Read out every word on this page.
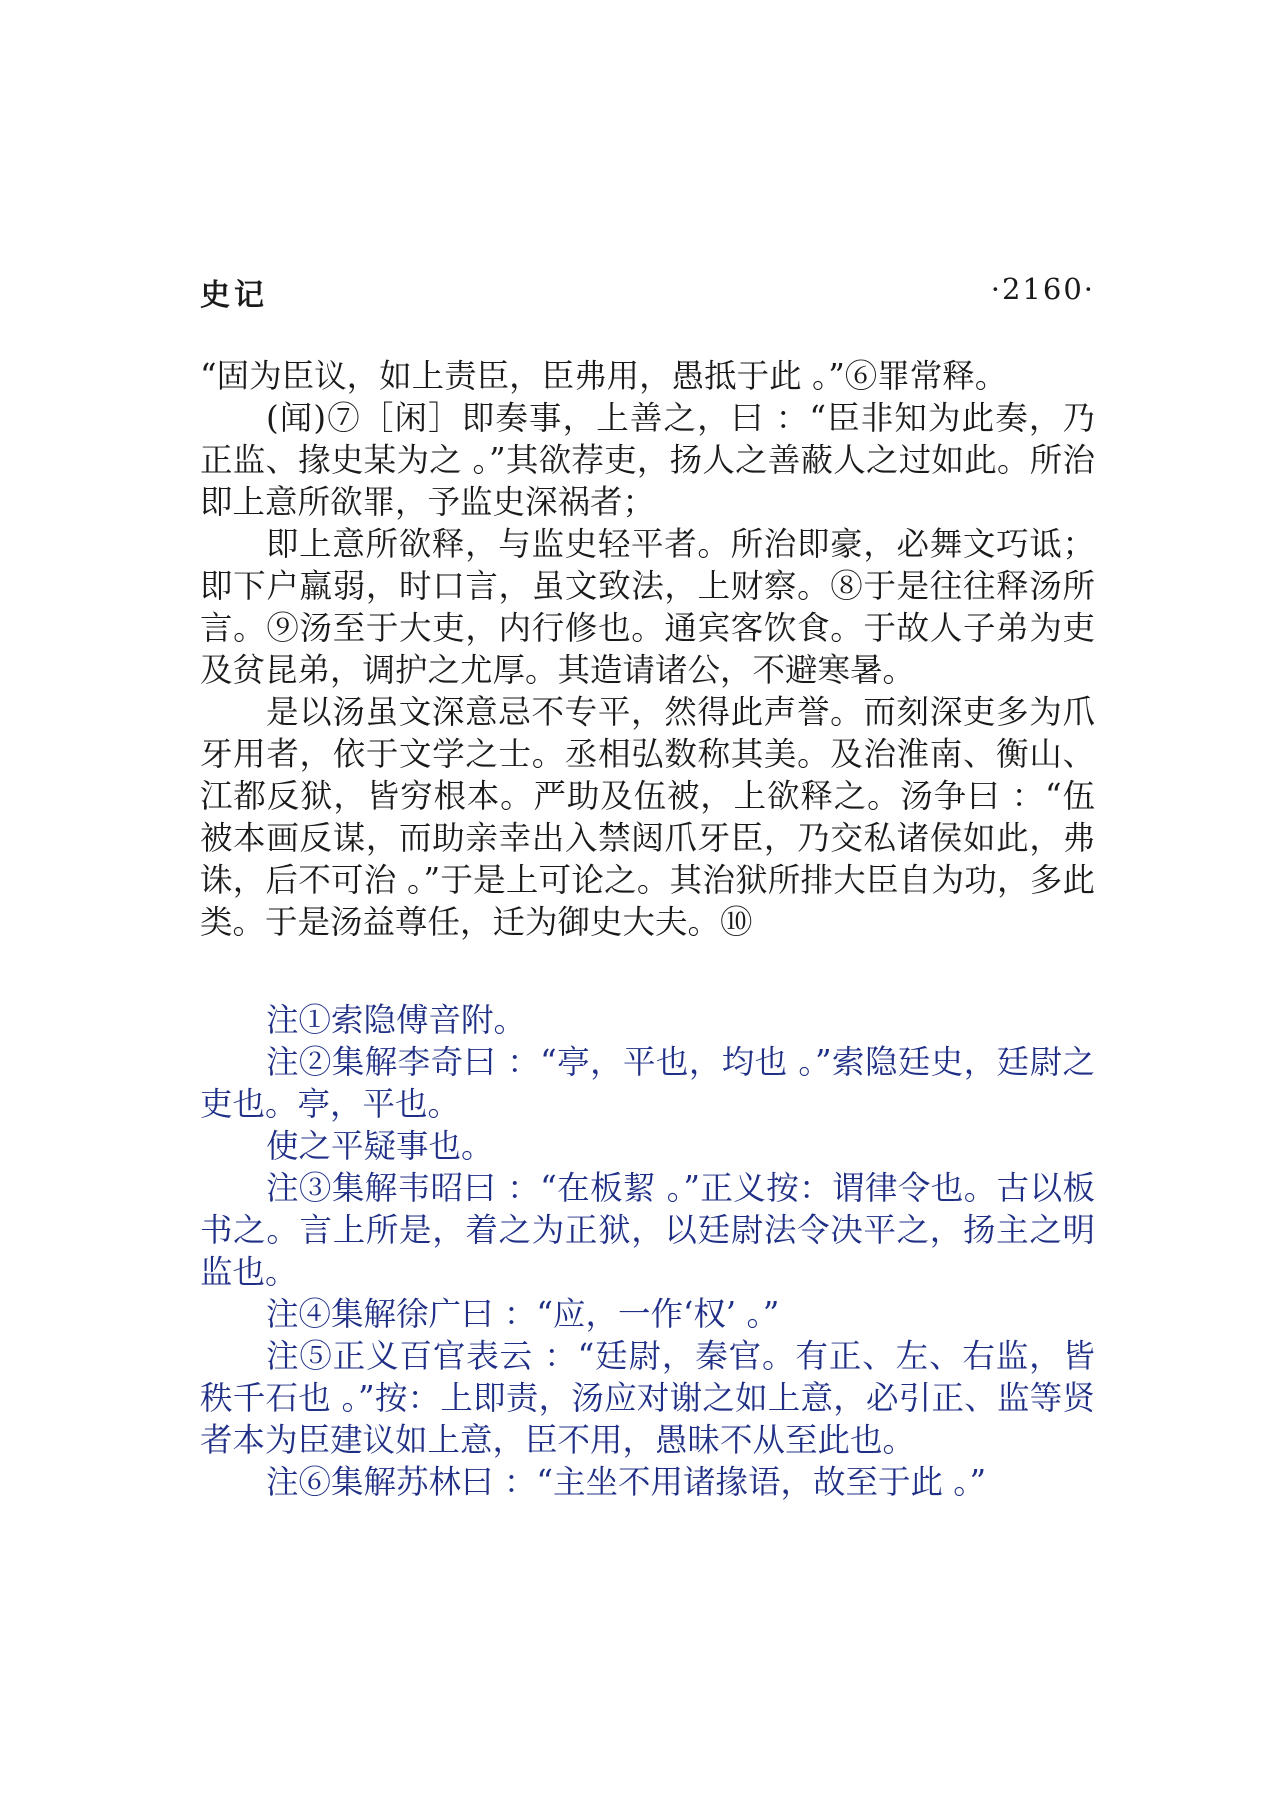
史记	·2160·

“固为臣议，如上责臣，臣弗用，愚抵于此 。”⑥罪常释。

(闻)⑦［闲］即奏事，上善之，曰 ：“臣非知为此奏，乃正监、掾史某为之 。”其欲荐吏，扬人之善蔽人之过如此。所治即上意所欲罪，予监史深祸者；

即上意所欲释，与监史轻平者。所治即豪，必舞文巧诋；即下户羸弱，时口言，虽文致法，上财察。⑧于是往往释汤所言。⑨汤至于大吏，内行修也。通宾客饮食。于故人子弟为吏及贫昆弟，调护之尤厚。其造请诸公，不避寒暑。

是以汤虽文深意忌不专平，然得此声誉。而刻深吏多为爪牙用者，依于文学之士。丞相弘数称其美。及治淮南、衡山、江都反狱，皆穷根本。严助及伍被，上欲释之。汤争曰 ：“伍被本画反谋，而助亲幸出入禁闼爪牙臣，乃交私诸侯如此，弗诛，后不可治 。”于是上可论之。其治狱所排大臣自为功，多此类。于是汤益尊任，迁为御史大夫。⑩

注①索隐傅音附。

注②集解李奇曰 ：“亭，平也，均也 。”索隐廷史，廷尉之吏也。亭，平也。

使之平疑事也。

注③集解韦昭曰 ：“在板絜 。”正义按：谓律令也。古以板书之。言上所是，着之为正狱，以廷尉法令决平之，扬主之明监也。

注④集解徐广曰 ：“应，一作‘权’ 。”

注⑤正义百官表云 ：“廷尉，秦官。有正、左、右监，皆秩千石也 。”按：上即责，汤应对谢之如上意，必引正、监等贤者本为臣建议如上意，臣不用，愚昧不从至此也。

注⑥集解苏林曰 ：“主坐不用诸掾语，故至于此 。”
